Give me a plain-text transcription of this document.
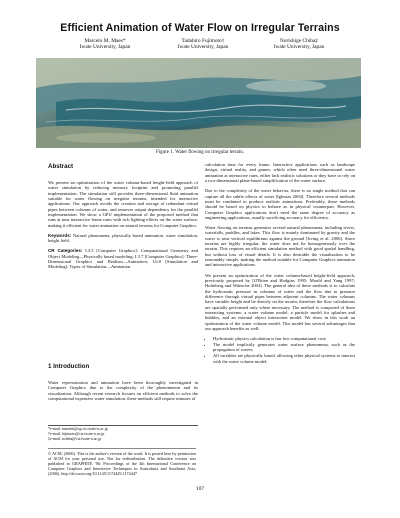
Efficient Animation of Water Flow on Irregular Terrains
Marcelo M. Maes*
Iwate University, Japan
Tadahiro Fujimoto†
Iwate University, Japan
Norishige Chiba‡
Iwate University, Japan
Figure 1. Water flowing on irregular terrain.
Abstract

We present an optimization of the water column-based height-field approach of water simulation by reducing memory footprint and promoting parallel implementation. The simulation still provides three-dimensional fluid animation suitable for water flowing on irregular terrains, intended for interactive applications. Our approach avoids the creation and storage of redundant virtual pipes between columns of water, and removes output dependency for the parallel implementation. We show a GPU implementation of the proposed method that runs at near interactive frame rates with rich lighting effects on the water surface, making it efficient for water animation on natural terrains for Computer Graphics.

Keywords: Natural phenomena, physically based animation, water simulation, height field.

CR Categories: I.3.5 [Computer Graphics]: Computational Geometry and Object Modeling—Physically based modeling; I.3.7 [Computer Graphics]: Three-Dimensional Graphics and Realism—Animation; I.6.8 [Simulation and Modeling]: Types of Simulation—Animation.

1 Introduction
Water representation and animation have been thoroughly investigated in Computer Graphics due to the complexity of the phenomenon and its visualization. Although recent research focuses on efficient methods to solve the computational expensive water simulation, these methods still require minutes of
*e-mail: mmaels@cg.cis.iwate-u.ac.jp
†e-mail: fujimoto@cis.iwate-u.ac.jp
‡e-mail: nchiba@cis.iwate-u.ac.jp
© ACM, (2006). This is the author's version of the work. It is posted here by permission of ACM for your personal use. Not for redistribution. The definitive version was published in GRAPHITE '06: Proceedings of the 4th International Conference on Computer Graphics and Interactive Techniques in Australasia and Southeast Asia, (2006). http://doi.acm.org/10.1145/1174429.1174447

calculation time for every frame. Interactive applications such as landscape design, virtual reality, and games, which often need three-dimensional water animation at interactive rates, either lack realistic solutions or they have to rely on a two-dimensional plane-based simplification of the water surface.

Due to the complexity of the water behavior, there is no single method that can capture all the subtle effects of water [Iglesias 2004]. Therefore several methods must be combined to produce realistic animations. Preferably, these methods should be based on physics to behave as in physical counterpart. However, Computer Graphics applications don't need the same degree of accuracy as engineering applications, usually sacrificing accuracy for efficiency.

Water flowing on terrains generates several natural phenomena, including rivers, waterfalls, puddles, and lakes. This flow is mainly dominated by gravity and the water is near vertical equilibrium against the ground [Irving et al. 2006]. Since terrains are highly irregular, the water does not lie homogeneously over the terrain. This requires an efficient simulation method with good spatial handling, but without loss of visual details. It is also desirable the visualization to be reasonably simple, making the method suitable for Computer Graphics animation and interactive applications.

We present an optimization of the water column-based height-field approach, previously proposed by [O'Brien and Hodgins 1995; Mould and Yang 1997; Holmberg and Wünsche 2004]. The general idea of these methods is to calculate the hydrostatic pressure in columns of water and the flow due to pressure difference through virtual pipes between adjacent columns. The water columns have variable height and lie directly on the terrain, therefore the flow calculations are spatially performed only where necessary. The method is composed of three interacting systems: a water volume model, a particle model for splashes and bubbles, and an external object interaction model. We show in this work an optimization of the water volume model. This model has several advantages that our approach benefits as well:

• Hydrostatic physics calculation is has low computational cost;
• The model implicitly generates water surface phenomena, such as the propagation of waves;
• All variables are physically based, allowing other physical systems to interact with the water volume model;
107
